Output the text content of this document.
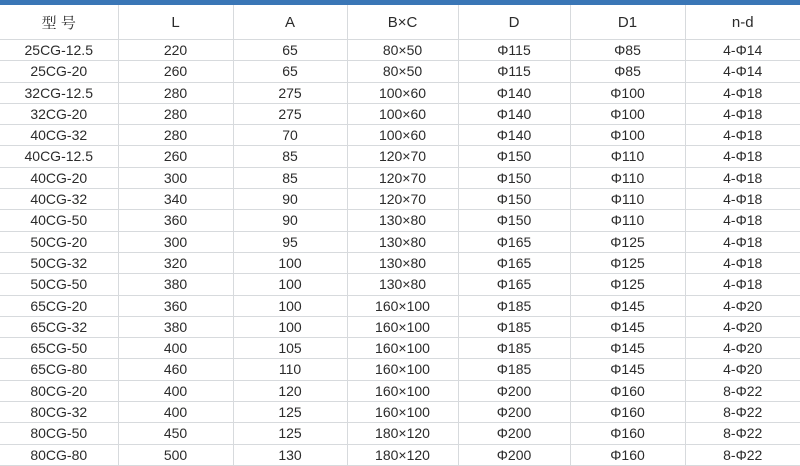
型 号	L	A	B×C	D	D1	n-d
25CG-12.5	220	65	80×50	Φ115	Φ85	4-Φ14
25CG-20	260	65	80×50	Φ115	Φ85	4-Φ14
32CG-12.5	280	275	100×60	Φ140	Φ100	4-Φ18
32CG-20	280	275	100×60	Φ140	Φ100	4-Φ18
40CG-32	280	70	100×60	Φ140	Φ100	4-Φ18
40CG-12.5	260	85	120×70	Φ150	Φ110	4-Φ18
40CG-20	300	85	120×70	Φ150	Φ110	4-Φ18
40CG-32	340	90	120×70	Φ150	Φ110	4-Φ18
40CG-50	360	90	130×80	Φ150	Φ110	4-Φ18
50CG-20	300	95	130×80	Φ165	Φ125	4-Φ18
50CG-32	320	100	130×80	Φ165	Φ125	4-Φ18
50CG-50	380	100	130×80	Φ165	Φ125	4-Φ18
65CG-20	360	100	160×100	Φ185	Φ145	4-Φ20
65CG-32	380	100	160×100	Φ185	Φ145	4-Φ20
65CG-50	400	105	160×100	Φ185	Φ145	4-Φ20
65CG-80	460	110	160×100	Φ185	Φ145	4-Φ20
80CG-20	400	120	160×100	Φ200	Φ160	8-Φ22
80CG-32	400	125	160×100	Φ200	Φ160	8-Φ22
80CG-50	450	125	180×120	Φ200	Φ160	8-Φ22
80CG-80	500	130	180×120	Φ200	Φ160	8-Φ22
